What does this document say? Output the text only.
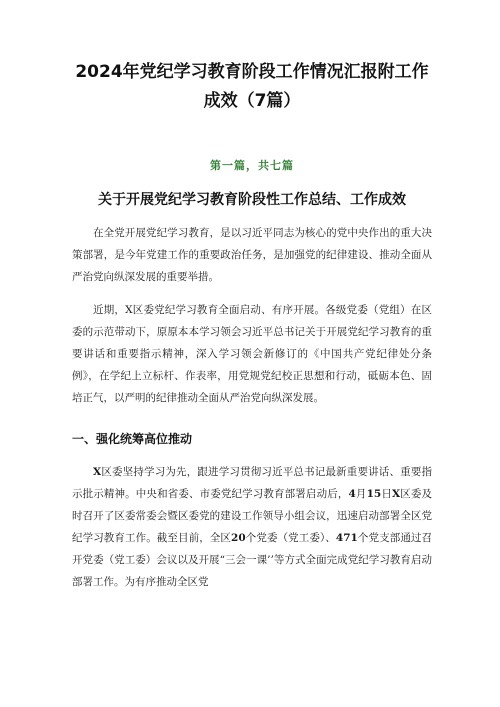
2024年党纪学习教育阶段工作情况汇报附工作成效（7篇）
第一篇，共七篇
关于开展党纪学习教育阶段性工作总结、工作成效

在全党开展党纪学习教育，是以习近平同志为核心的党中央作出的重大决策部署，是今年党建工作的重要政治任务，是加强党的纪律建设、推动全面从严治党向纵深发展的重要举措。

近期，X区委党纪学习教育全面启动、有序开展。各级党委（党组）在区委的示范带动下，原原本本学习领会习近平总书记关于开展党纪学习教育的重要讲话和重要指示精神，深入学习领会新修订的《中国共产党纪律处分条例》，在学纪上立标杆、作表率，用党规党纪校正思想和行动，砥砺本色、固培正气，以严明的纪律推动全面从严治党向纵深发展。

一、强化统筹高位推动

X区委坚持学习为先，跟进学习贯彻习近平总书记最新重要讲话、重要指示批示精神。中央和省委、市委党纪学习教育部署启动后，4月15日X区委及时召开了区委常委会暨区委党的建设工作领导小组会议，迅速启动部署全区党纪学习教育工作。截至目前，全区20个党委（党工委）、471个党支部通过召开党委（党工委）会议以及开展“三会一课’’等方式全面完成党纪学习教育启动部署工作。为有序推动全区党
